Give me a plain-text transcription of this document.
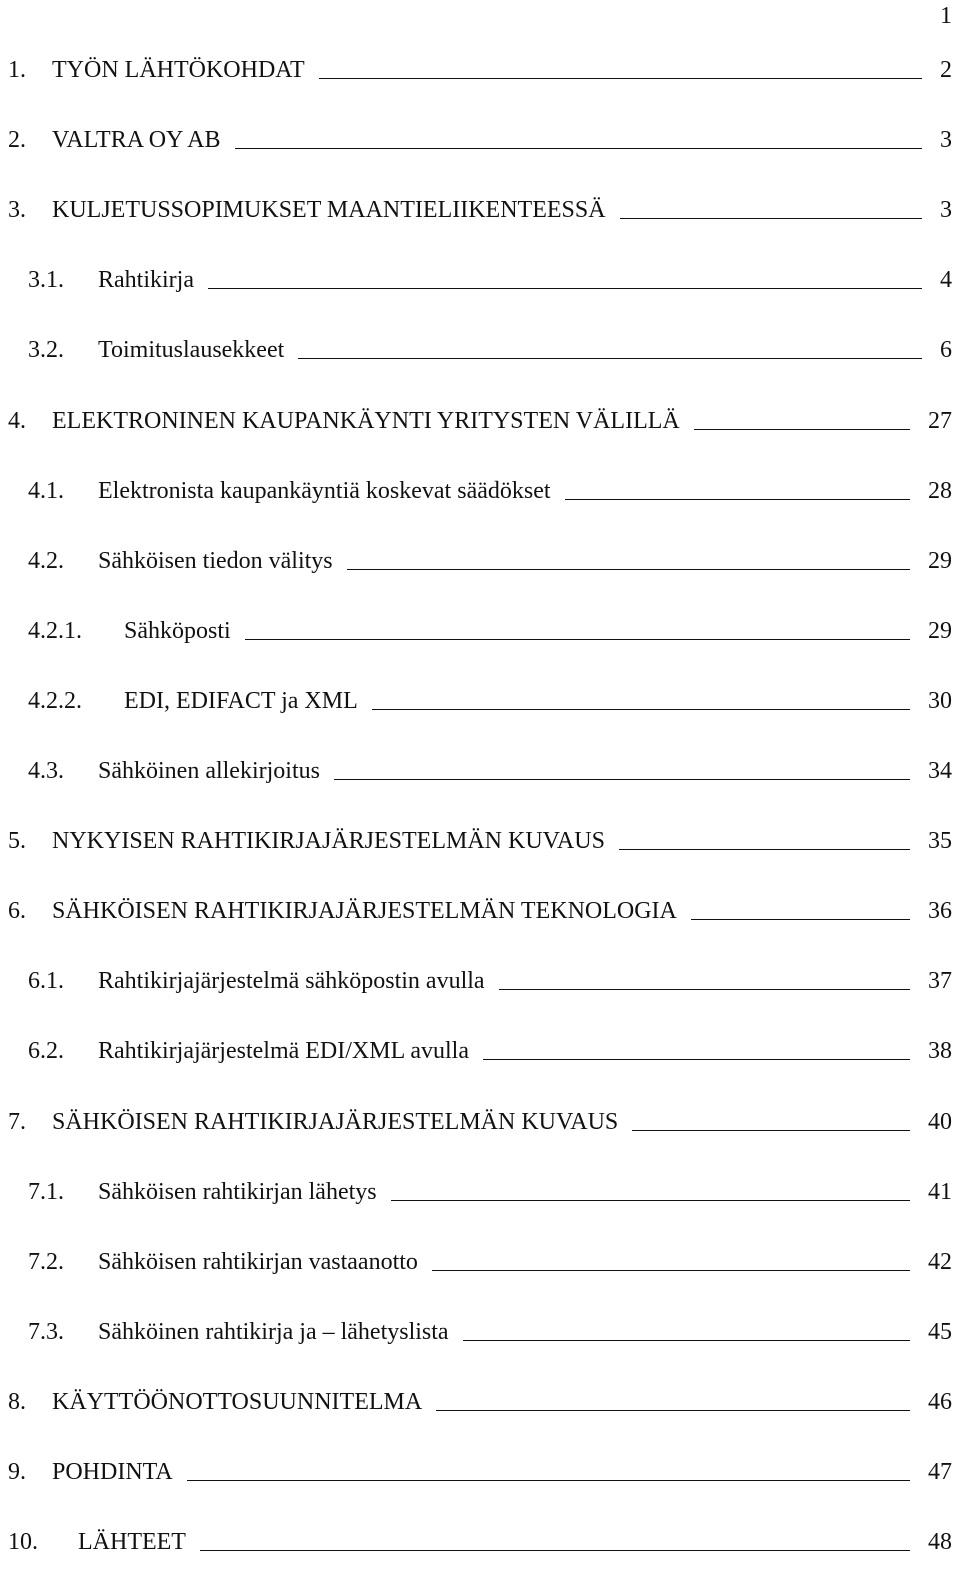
1
1.	TYÖN LÄHTÖKOHDAT	2
2.	VALTRA OY AB	3
3.	KULJETUSSOPIMUKSET MAANTIELIIKENTEESSÄ	3
3.1.	Rahtikirja	4
3.2.	Toimituslausekkeet	6
4.	ELEKTRONINEN KAUPANKÄYNTI YRITYSTEN VÄLILLÄ	27
4.1.	Elektronista kaupankäyntiä koskevat säädökset	28
4.2.	Sähköisen tiedon välitys	29
4.2.1.	Sähköposti	29
4.2.2.	EDI, EDIFACT ja XML	30
4.3.	Sähköinen allekirjoitus	34
5.	NYKYISEN RAHTIKIRJAJÄRJESTELMÄN KUVAUS	35
6.	SÄHKÖISEN RAHTIKIRJAJÄRJESTELMÄN TEKNOLOGIA	36
6.1.	Rahtikirjajärjestelmä sähköpostin avulla	37
6.2.	Rahtikirjajärjestelmä EDI/XML avulla	38
7.	SÄHKÖISEN RAHTIKIRJAJÄRJESTELMÄN KUVAUS	40
7.1.	Sähköisen rahtikirjan lähetys	41
7.2.	Sähköisen rahtikirjan vastaanotto	42
7.3.	Sähköinen rahtikirja ja – lähetyslista	45
8.	KÄYTTÖÖNOTTOSUUNNITELMA	46
9.	POHDINTA	47
10.	LÄHTEET	48
